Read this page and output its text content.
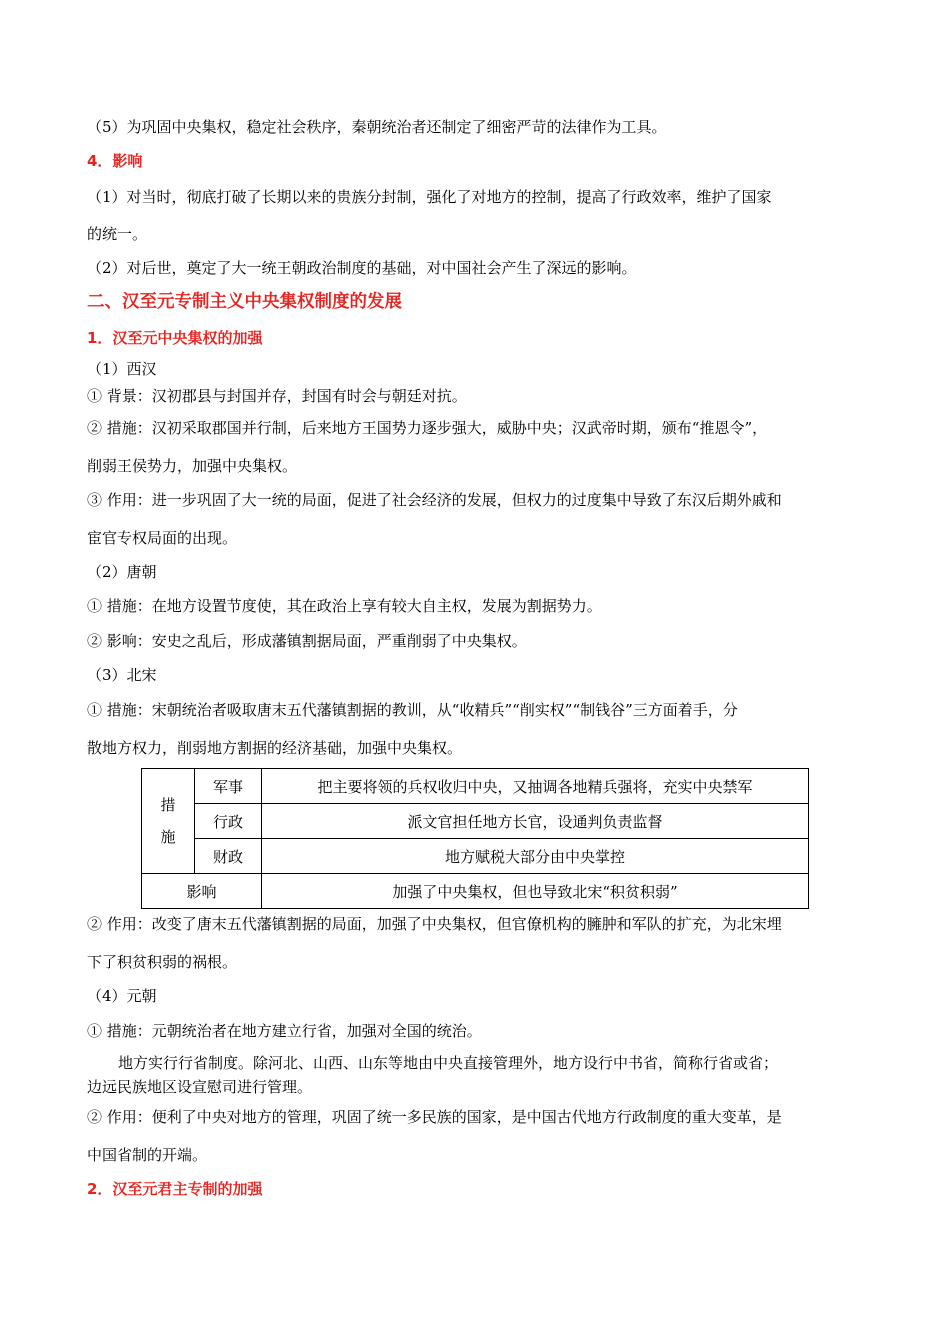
（5）为巩固中央集权，稳定社会秩序，秦朝统治者还制定了细密严苛的法律作为工具。
4．影响
（1）对当时，彻底打破了长期以来的贵族分封制，强化了对地方的控制，提高了行政效率，维护了国家
的统一。
（2）对后世，奠定了大一统王朝政治制度的基础，对中国社会产生了深远的影响。
二、汉至元专制主义中央集权制度的发展
1．汉至元中央集权的加强
（1）西汉
① 背景：汉初郡县与封国并存，封国有时会与朝廷对抗。
② 措施：汉初采取郡国并行制，后来地方王国势力逐步强大，威胁中央；汉武帝时期，颁布“推恩令”，
削弱王侯势力，加强中央集权。
③ 作用：进一步巩固了大一统的局面，促进了社会经济的发展，但权力的过度集中导致了东汉后期外戚和
宦官专权局面的出现。
（2）唐朝
① 措施：在地方设置节度使，其在政治上享有较大自主权，发展为割据势力。
② 影响：安史之乱后，形成藩镇割据局面，严重削弱了中央集权。
（3）北宋
① 措施：宋朝统治者吸取唐末五代藩镇割据的教训，从“收精兵”“削实权”“制钱谷”三方面着手，分
散地方权力，削弱地方割据的经济基础，加强中央集权。
措
施	军事	把主要将领的兵权收归中央，又抽调各地精兵强将，充实中央禁军
	行政	派文官担任地方长官，设通判负责监督
	财政	地方赋税大部分由中央掌控
影响		加强了中央集权，但也导致北宋“积贫积弱”
② 作用：改变了唐末五代藩镇割据的局面，加强了中央集权，但官僚机构的臃肿和军队的扩充，为北宋埋
下了积贫积弱的祸根。
（4）元朝
① 措施：元朝统治者在地方建立行省，加强对全国的统治。
地方实行行省制度。除河北、山西、山东等地由中央直接管理外，地方设行中书省，简称行省或省；
边远民族地区设宣慰司进行管理。
② 作用：便利了中央对地方的管理，巩固了统一多民族的国家，是中国古代地方行政制度的重大变革，是
中国省制的开端。
2．汉至元君主专制的加强
